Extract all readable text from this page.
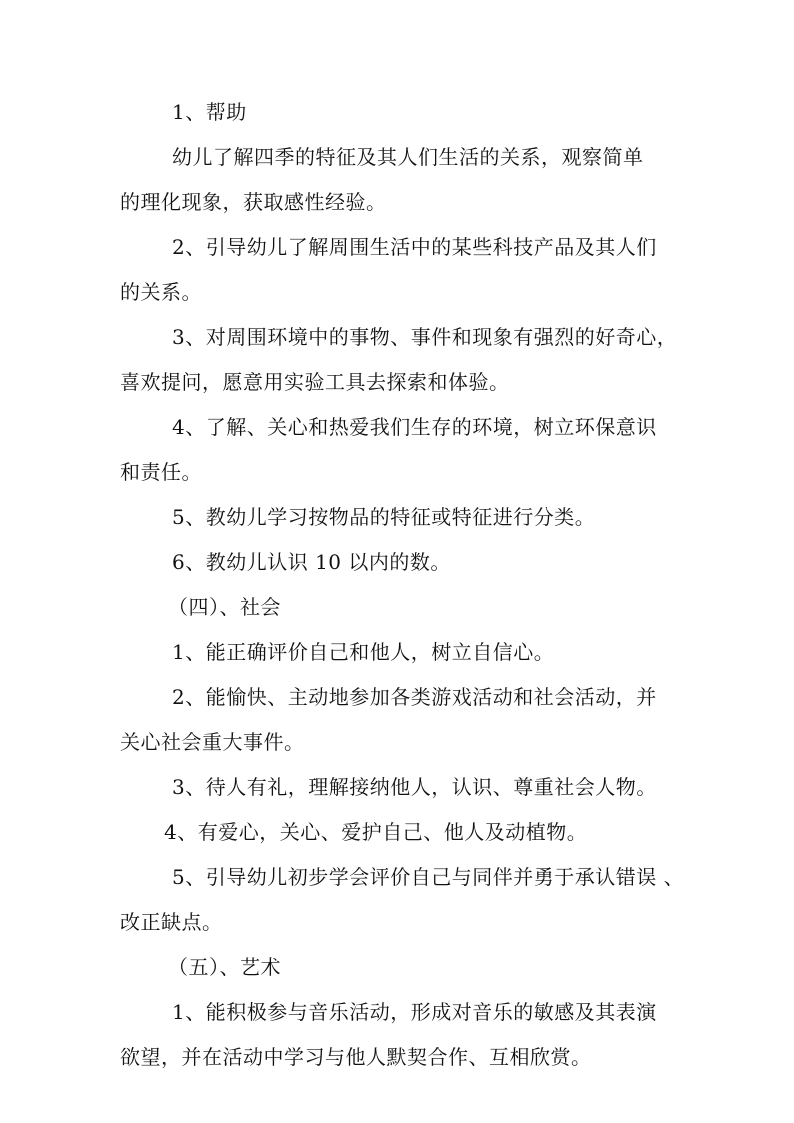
1、帮助
幼儿了解四季的特征及其人们生活的关系，观察简单
的理化现象，获取感性经验。
2、引导幼儿了解周围生活中的某些科技产品及其人们
的关系。
3、对周围环境中的事物、事件和现象有强烈的好奇心，
喜欢提问，愿意用实验工具去探索和体验。
4、了解、关心和热爱我们生存的环境，树立环保意识
和责任。
5、教幼儿学习按物品的特征或特征进行分类。
6、教幼儿认识 10 以内的数。
（四）、社会
1、能正确评价自己和他人，树立自信心。
2、能愉快、主动地参加各类游戏活动和社会活动，并
关心社会重大事件。
3、待人有礼，理解接纳他人，认识、尊重社会人物。
4、有爱心，关心、爱护自己、他人及动植物。
5、引导幼儿初步学会评价自己与同伴并勇于承认错误 、
改正缺点。
（五）、艺术
1、能积极参与音乐活动，形成对音乐的敏感及其表演
欲望，并在活动中学习与他人默契合作、互相欣赏。
